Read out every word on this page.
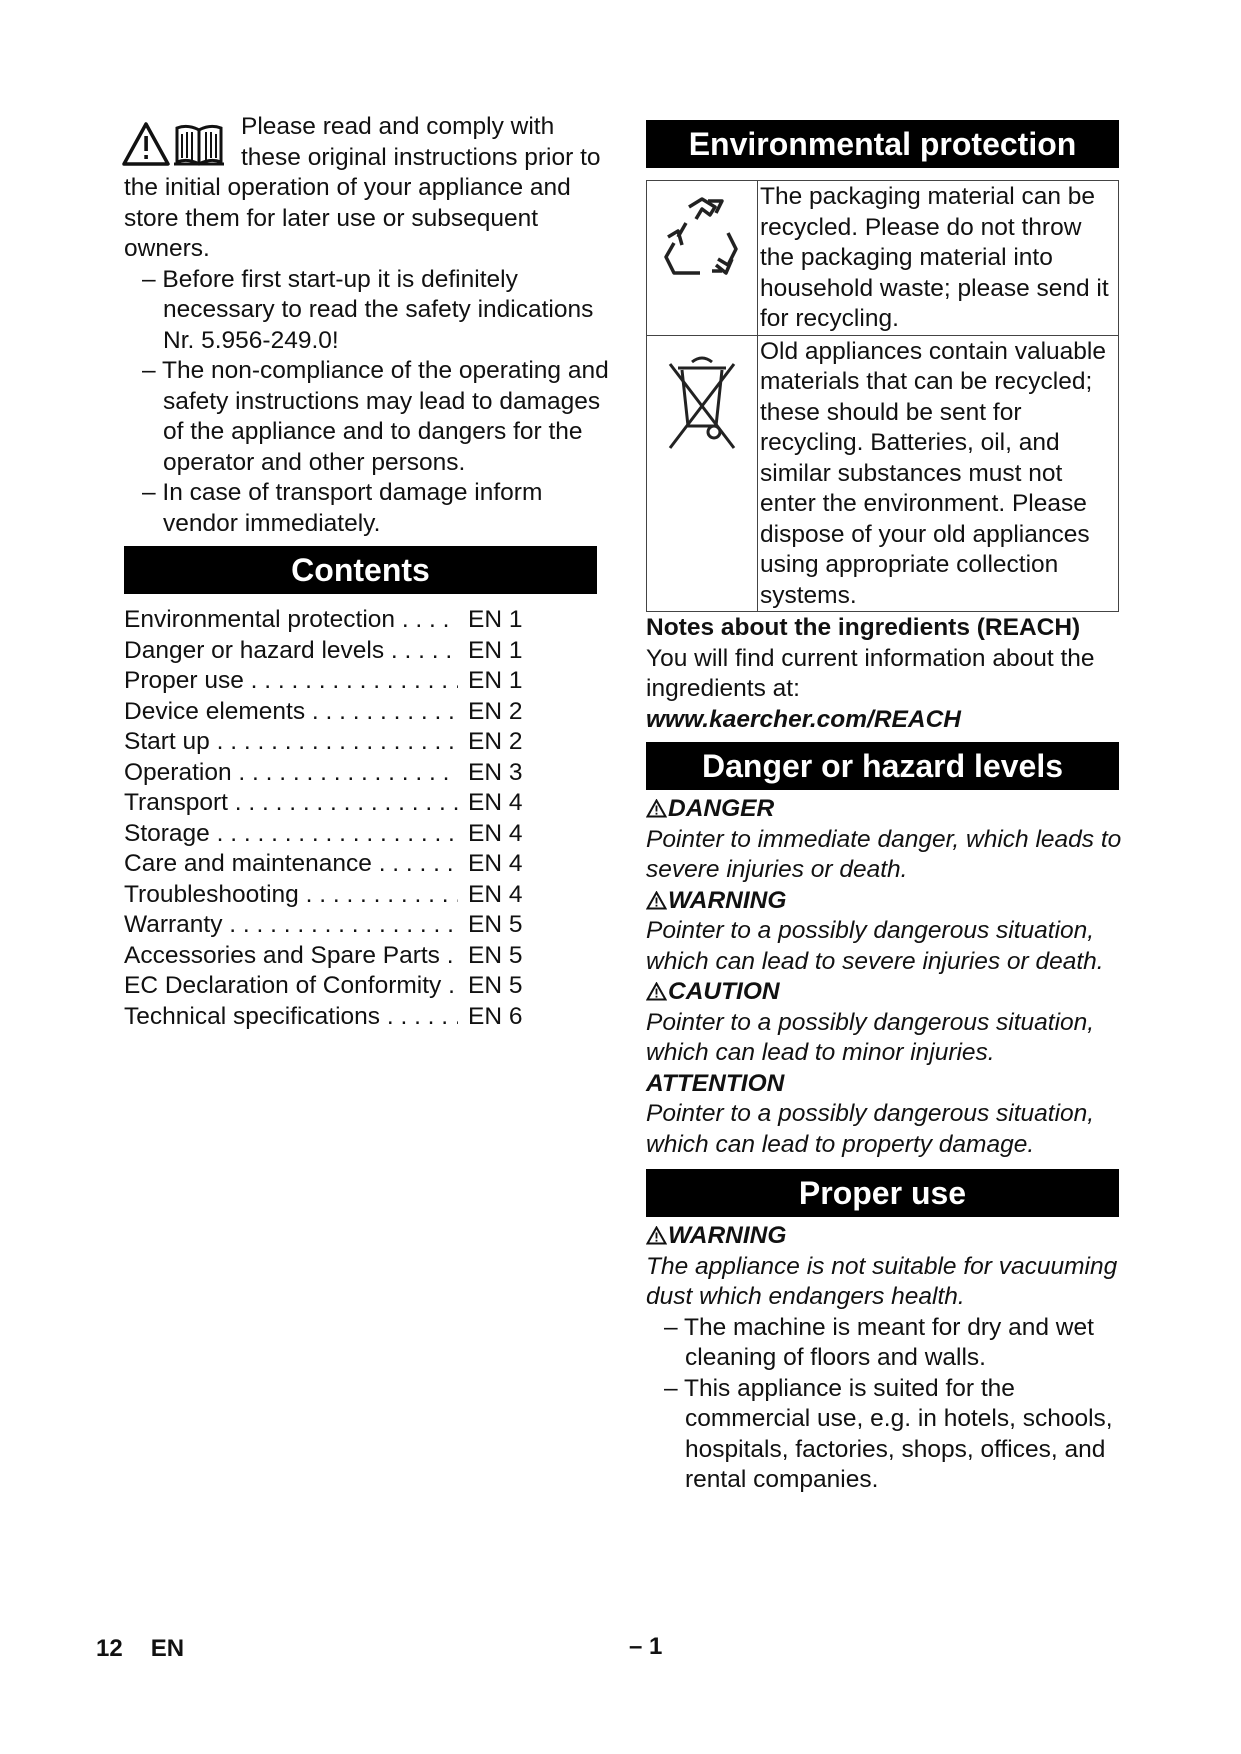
Please read and comply with these original instructions prior to the initial operation of your appliance and store them for later use or subsequent owners.
– Before first start-up it is definitely necessary to read the safety indications Nr. 5.956-249.0!
– The non-compliance of the operating and safety instructions may lead to damages of the appliance and to dangers for the operator and other persons.
– In case of transport damage inform vendor immediately.
Contents
Environmental protection . . .	EN 1
Danger or hazard levels . . .	EN 1
Proper use . . .	EN 1
Device elements . . .	EN 2
Start up . . .	EN 2
Operation . . .	EN 3
Transport . . .	EN 4
Storage . . .	EN 4
Care and maintenance . . .	EN 4
Troubleshooting . . .	EN 4
Warranty . . .	EN 5
Accessories and Spare Parts . . .	EN 5
EC Declaration of Conformity . . .	EN 5
Technical specifications . . .	EN 6
Environmental protection
	The packaging material can be recycled. Please do not throw the packaging material into household waste; please send it for recycling.
	Old appliances contain valuable materials that can be recycled; these should be sent for recycling. Batteries, oil, and similar substances must not enter the environment. Please dispose of your old appliances using appropriate collection systems.
Notes about the ingredients (REACH)
You will find current information about the ingredients at:
www.kaercher.com/REACH
Danger or hazard levels
DANGER
Pointer to immediate danger, which leads to severe injuries or death.
WARNING
Pointer to a possibly dangerous situation, which can lead to severe injuries or death.
CAUTION
Pointer to a possibly dangerous situation, which can lead to minor injuries.
ATTENTION
Pointer to a possibly dangerous situation, which can lead to property damage.
Proper use
WARNING
The appliance is not suitable for vacuuming dust which endangers health.
– The machine is meant for dry and wet cleaning of floors and walls.
– This appliance is suited for the commercial use, e.g. in hotels, schools, hospitals, factories, shops, offices, and rental companies.
12 EN	– 1
